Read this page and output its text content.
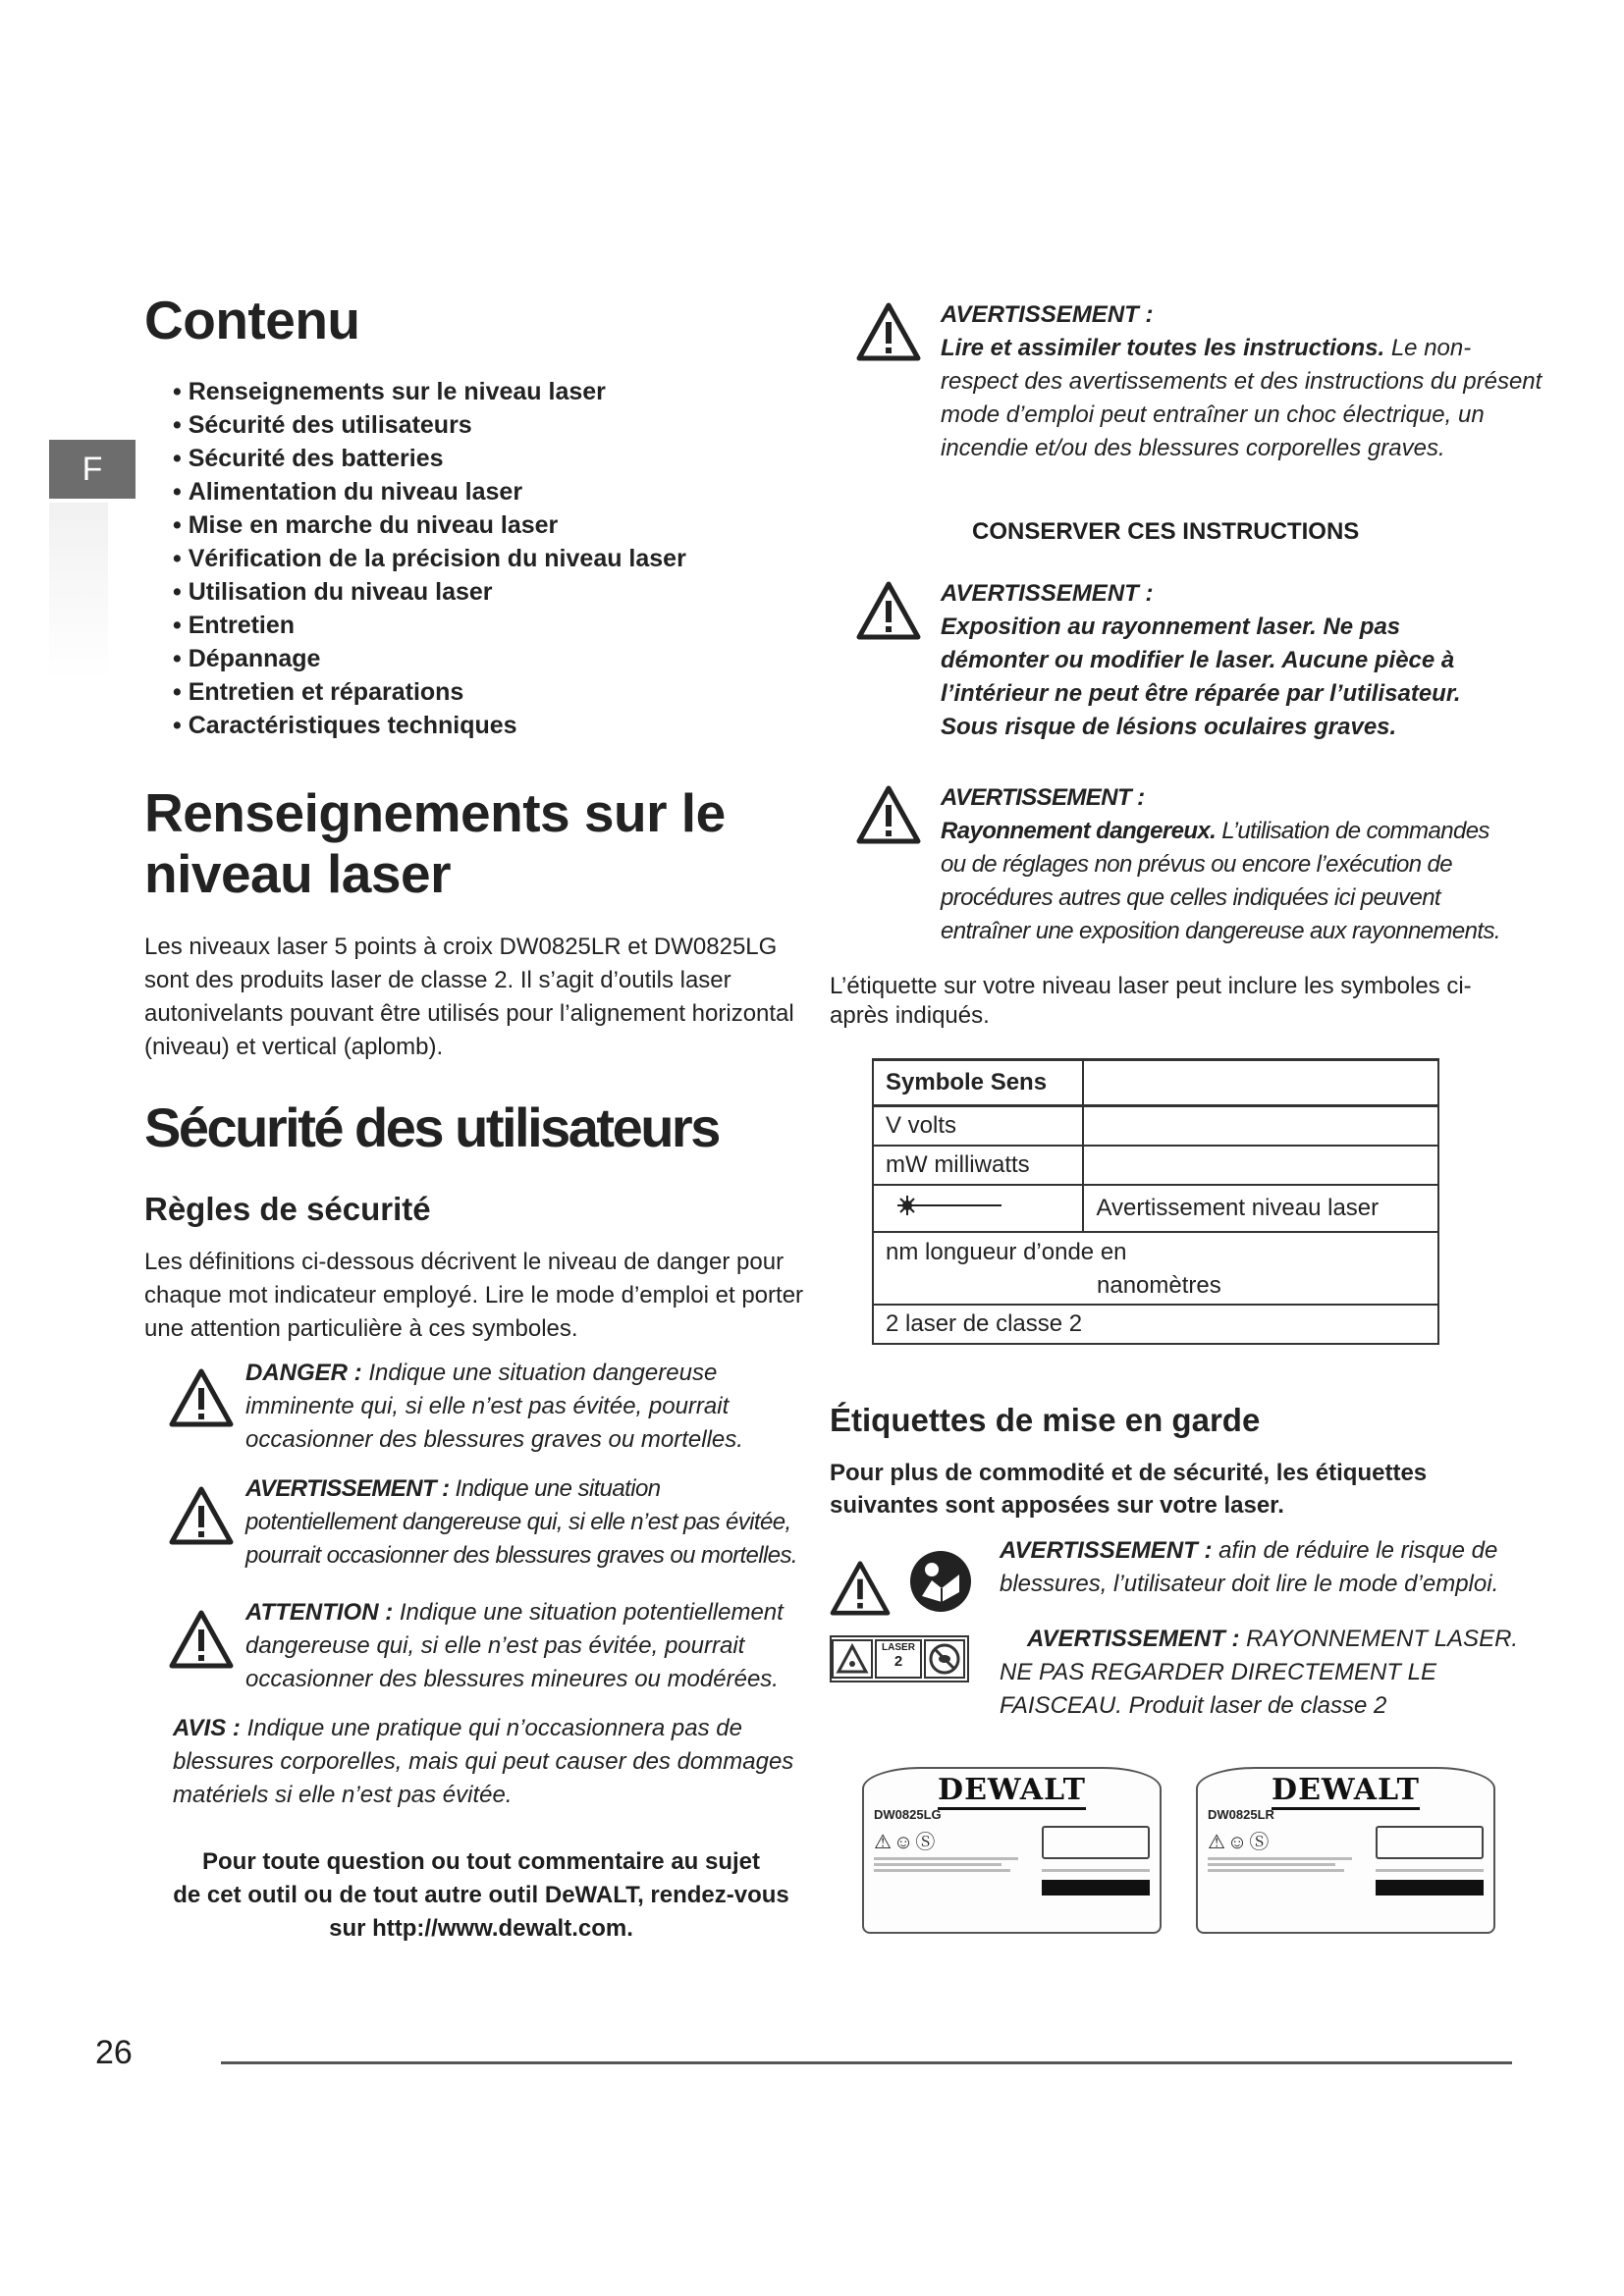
F
Contenu
• Renseignements sur le niveau laser
• Sécurité des utilisateurs
• Sécurité des batteries
• Alimentation du niveau laser
• Mise en marche du niveau laser
• Vérification de la précision du niveau laser
• Utilisation du niveau laser
• Entretien
• Dépannage
• Entretien et réparations
• Caractéristiques techniques
Renseignements sur le
niveau laser

Les niveaux laser 5 points à croix DW0825LR et DW0825LG sont des produits laser de classe 2. Il s’agit d’outils laser autonivelants pouvant être utilisés pour l’alignement horizontal (niveau) et vertical (aplomb).

Sécurité des utilisateurs
Règles de sécurité

Les définitions ci-dessous décrivent le niveau de danger pour chaque mot indicateur employé. Lire le mode d’emploi et porter une attention particulière à ces symboles.

DANGER : Indique une situation dangereuse imminente qui, si elle n’est pas évitée, pourrait occasionner des blessures graves ou mortelles.
AVERTISSEMENT : Indique une situation potentiellement dangereuse qui, si elle n’est pas évitée, pourrait occasionner des blessures graves ou mortelles.
ATTENTION : Indique une situation potentiellement dangereuse qui, si elle n’est pas évitée, pourrait occasionner des blessures mineures ou modérées.
AVIS : Indique une pratique qui n’occasionnera pas de blessures corporelles, mais qui peut causer des dommages matériels si elle n’est pas évitée.
Pour toute question ou tout commentaire au sujet
de cet outil ou de tout autre outil DeWALT, rendez-vous
sur http://www.dewalt.com.
AVERTISSEMENT :
Lire et assimiler toutes les instructions. Le non-respect des avertissements et des instructions du présent mode d’emploi peut entraîner un choc électrique, un incendie et/ou des blessures corporelles graves.
CONSERVER CES INSTRUCTIONS
AVERTISSEMENT :
Exposition au rayonnement laser. Ne pas démonter ou modifier le laser. Aucune pièce à l’intérieur ne peut être réparée par l’utilisateur. Sous risque de lésions oculaires graves.
AVERTISSEMENT :
Rayonnement dangereux. L’utilisation de commandes ou de réglages non prévus ou encore l’exécution de procédures autres que celles indiquées ici peuvent entraîner une exposition dangereuse aux rayonnements.

L’étiquette sur votre niveau laser peut inclure les symboles ci-après indiqués.

Symbole Sens	
V volts	
mW milliwatts	
	Avertissement niveau laser

nm longueur d’onde en
nanomètres	

2 laser de classe 2	
Étiquettes de mise en garde

Pour plus de commodité et de sécurité, les étiquettes suivantes sont apposées sur votre laser.

AVERTISSEMENT : afin de réduire le risque de blessures, l’utilisateur doit lire le mode d’emploi.
LASER
2
AVERTISSEMENT : RAYONNEMENT LASER. NE PAS REGARDER DIRECTEMENT LE FAISCEAU. Produit laser de classe 2
DEWALT
DW0825LG
⚠☺Ⓢ
DEWALT
DW0825LR
⚠☺Ⓢ
26
